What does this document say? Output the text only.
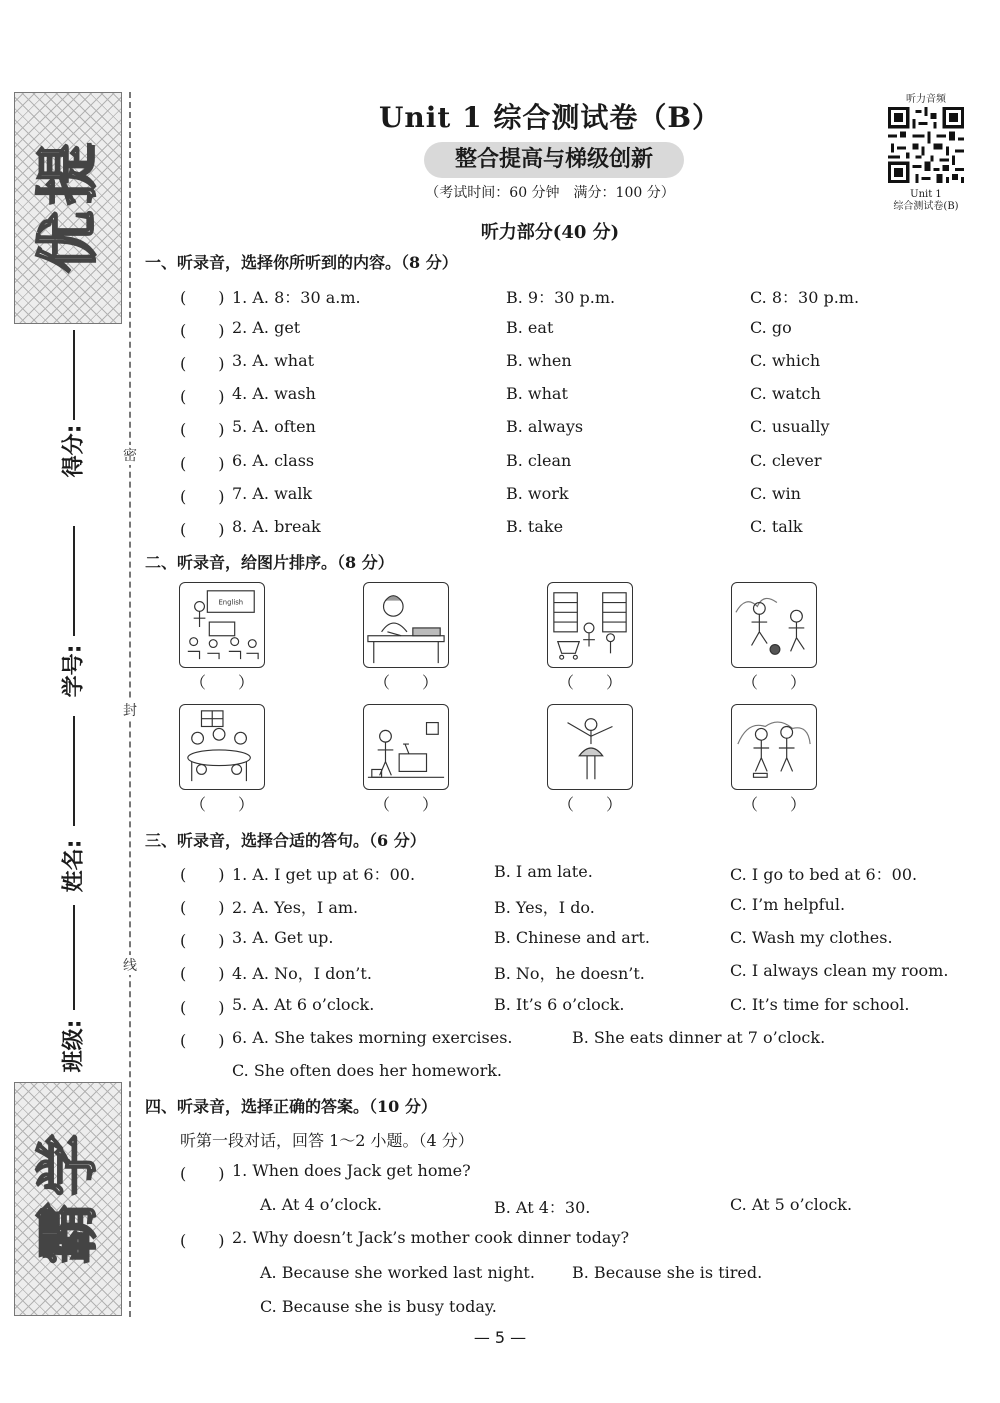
提
优
学
霸
得分:
学号:
姓名:
班级:
密
封
线
Unit 1 综合测试卷（B）
整合提高与梯级创新
（考试时间：60 分钟　满分：100 分）
听力部分(40 分)
听力音频
Unit 1
综合测试卷(B)
一、听录音，选择你所听到的内容。（8 分）
(　　) 1. A. 8：30 a.m.	B. 9：30 p.m.	C. 8：30 p.m.
(　　) 2. A. get	B. eat	C. go
(　　) 3. A. what	B. when	C. which
(　　) 4. A. wash	B. what	C. watch
(　　) 5. A. often	B. always	C. usually
(　　) 6. A. class	B. clean	C. clever
(　　) 7. A. walk	B. work	C. win
(　　) 8. A. break	B. take	C. talk
二、听录音，给图片排序。（8 分）
English
（　　）	（　　）	（　　）	（　　）
（　　）	（　　）	（　　）	（　　）
三、听录音，选择合适的答句。（6 分）
(　　) 1. A. I get up at 6：00.	B. I am late.	C. I go to bed at 6：00.
(　　) 2. A. Yes，I am.	B. Yes，I do.	C. I’m helpful.
(　　) 3. A. Get up.	B. Chinese and art.	C. Wash my clothes.
(　　) 4. A. No，I don’t.	B. No，he doesn’t.	C. I always clean my room.
(　　) 5. A. At 6 o’clock.	B. It’s 6 o’clock.	C. It’s time for school.
(　　) 6. A. She takes morning exercises.	B. She eats dinner at 7 o’clock.
C. She often does her homework.
四、听录音，选择正确的答案。（10 分）
听第一段对话，回答 1～2 小题。（4 分）
(　　) 1. When does Jack get home?
A. At 4 o’clock.	B. At 4：30.	C. At 5 o’clock.
(　　) 2. Why doesn’t Jack’s mother cook dinner today?
A. Because she worked last night. B. Because she is tired.
C. Because she is busy today.
— 5 —
